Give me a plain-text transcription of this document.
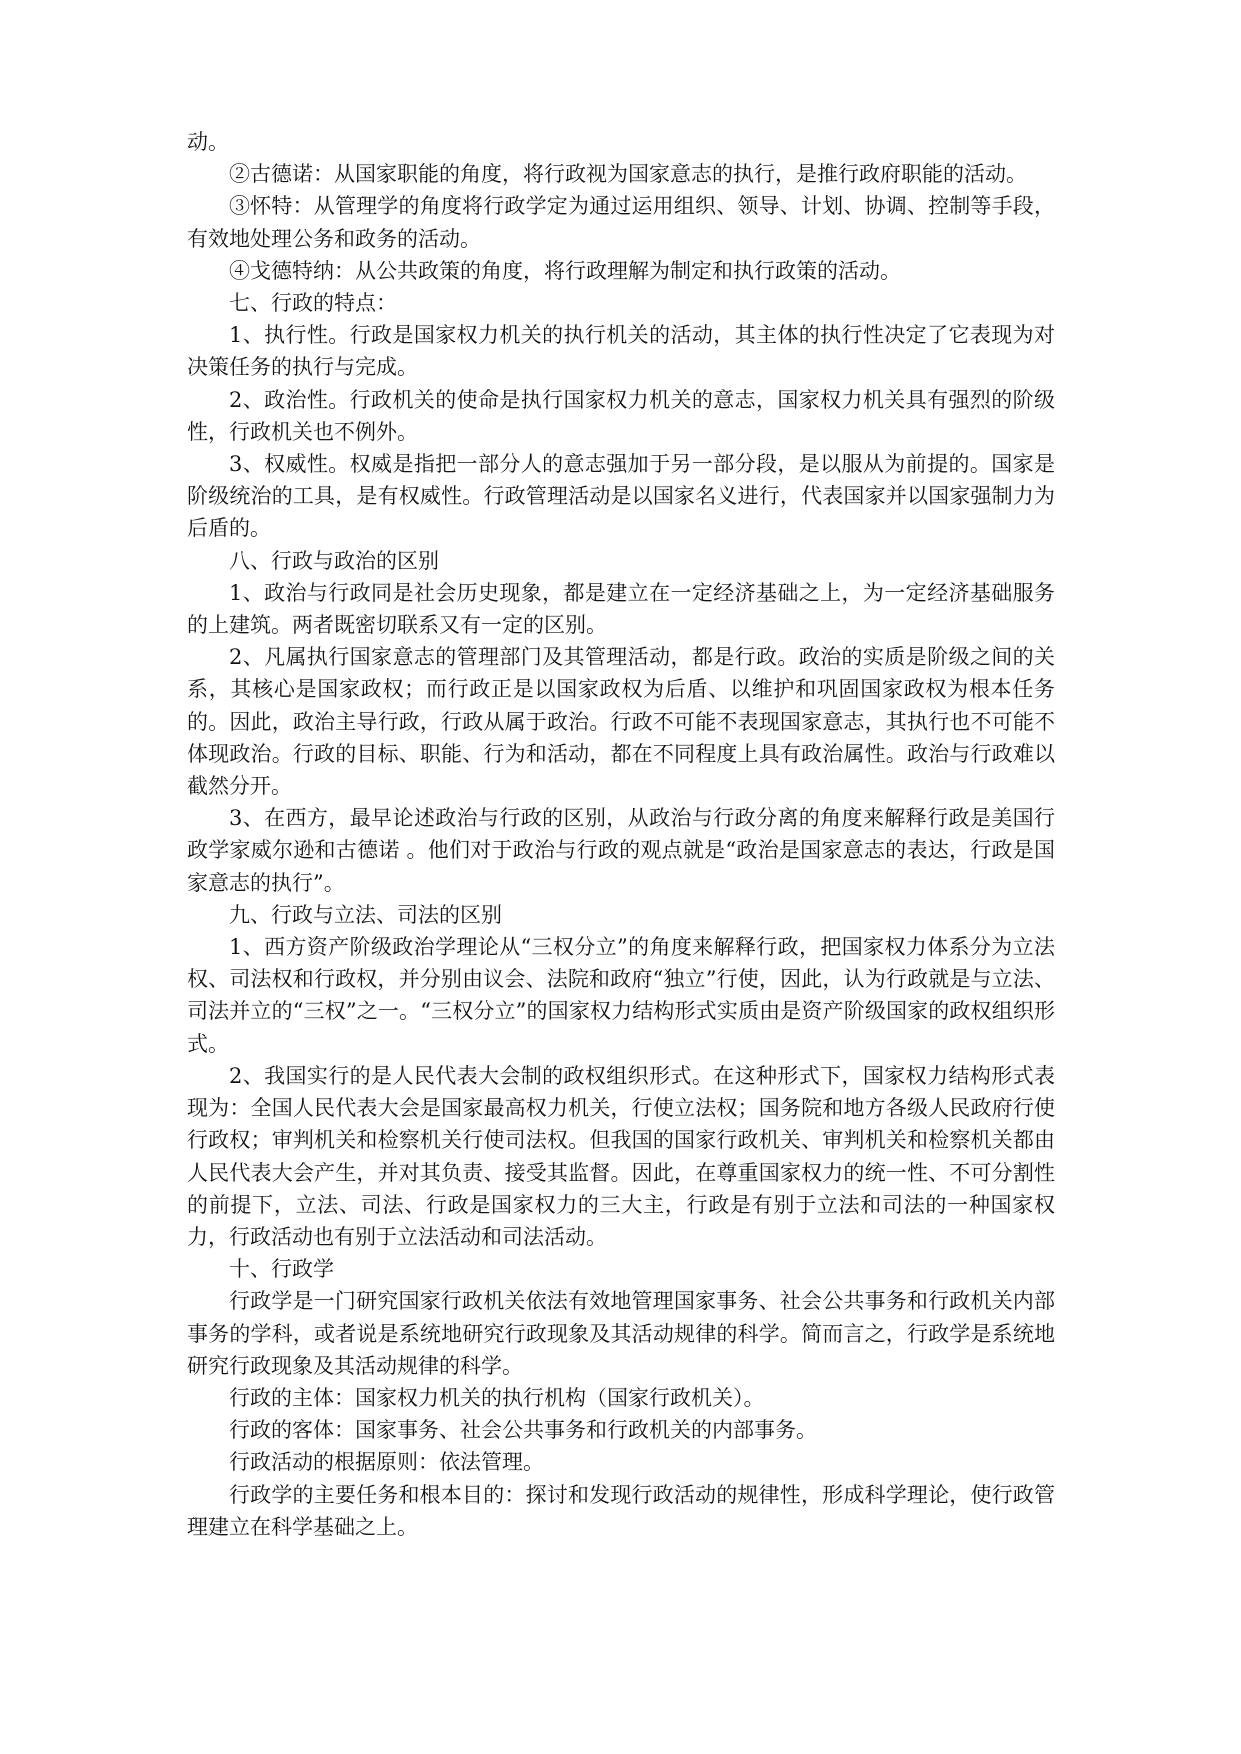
动。

②古德诺：从国家职能的角度，将行政视为国家意志的执行，是推行政府职能的活动。

③怀特：从管理学的角度将行政学定为通过运用组织、领导、计划、协调、控制等手段，有效地处理公务和政务的活动。

④戈德特纳：从公共政策的角度，将行政理解为制定和执行政策的活动。

七、行政的特点：

1、执行性。行政是国家权力机关的执行机关的活动，其主体的执行性决定了它表现为对决策任务的执行与完成。

2、政治性。行政机关的使命是执行国家权力机关的意志，国家权力机关具有强烈的阶级性，行政机关也不例外。

3、权威性。权威是指把一部分人的意志强加于另一部分段，是以服从为前提的。国家是阶级统治的工具，是有权威性。行政管理活动是以国家名义进行，代表国家并以国家强制力为后盾的。

八、行政与政治的区别

1、政治与行政同是社会历史现象，都是建立在一定经济基础之上，为一定经济基础服务的上建筑。两者既密切联系又有一定的区别。

2、凡属执行国家意志的管理部门及其管理活动，都是行政。政治的实质是阶级之间的关系，其核心是国家政权；而行政正是以国家政权为后盾、以维护和巩固国家政权为根本任务的。因此，政治主导行政，行政从属于政治。行政不可能不表现国家意志，其执行也不可能不体现政治。行政的目标、职能、行为和活动，都在不同程度上具有政治属性。政治与行政难以截然分开。

3、在西方，最早论述政治与行政的区别，从政治与行政分离的角度来解释行政是美国行政学家威尔逊和古德诺 。他们对于政治与行政的观点就是“政治是国家意志的表达，行政是国家意志的执行”。

九、行政与立法、司法的区别

1、西方资产阶级政治学理论从“三权分立”的角度来解释行政，把国家权力体系分为立法权、司法权和行政权，并分别由议会、法院和政府“独立”行使，因此，认为行政就是与立法、司法并立的“三权”之一。“三权分立”的国家权力结构形式实质由是资产阶级国家的政权组织形式。

2、我国实行的是人民代表大会制的政权组织形式。在这种形式下，国家权力结构形式表现为：全国人民代表大会是国家最高权力机关，行使立法权；国务院和地方各级人民政府行使行政权；审判机关和检察机关行使司法权。但我国的国家行政机关、审判机关和检察机关都由人民代表大会产生，并对其负责、接受其监督。因此，在尊重国家权力的统一性、不可分割性的前提下，立法、司法、行政是国家权力的三大主，行政是有别于立法和司法的一种国家权力，行政活动也有别于立法活动和司法活动。

十、行政学

行政学是一门研究国家行政机关依法有效地管理国家事务、社会公共事务和行政机关内部事务的学科，或者说是系统地研究行政现象及其活动规律的科学。简而言之，行政学是系统地研究行政现象及其活动规律的科学。

行政的主体：国家权力机关的执行机构（国家行政机关）。

行政的客体：国家事务、社会公共事务和行政机关的内部事务。

行政活动的根据原则：依法管理。

行政学的主要任务和根本目的：探讨和发现行政活动的规律性，形成科学理论，使行政管理建立在科学基础之上。
